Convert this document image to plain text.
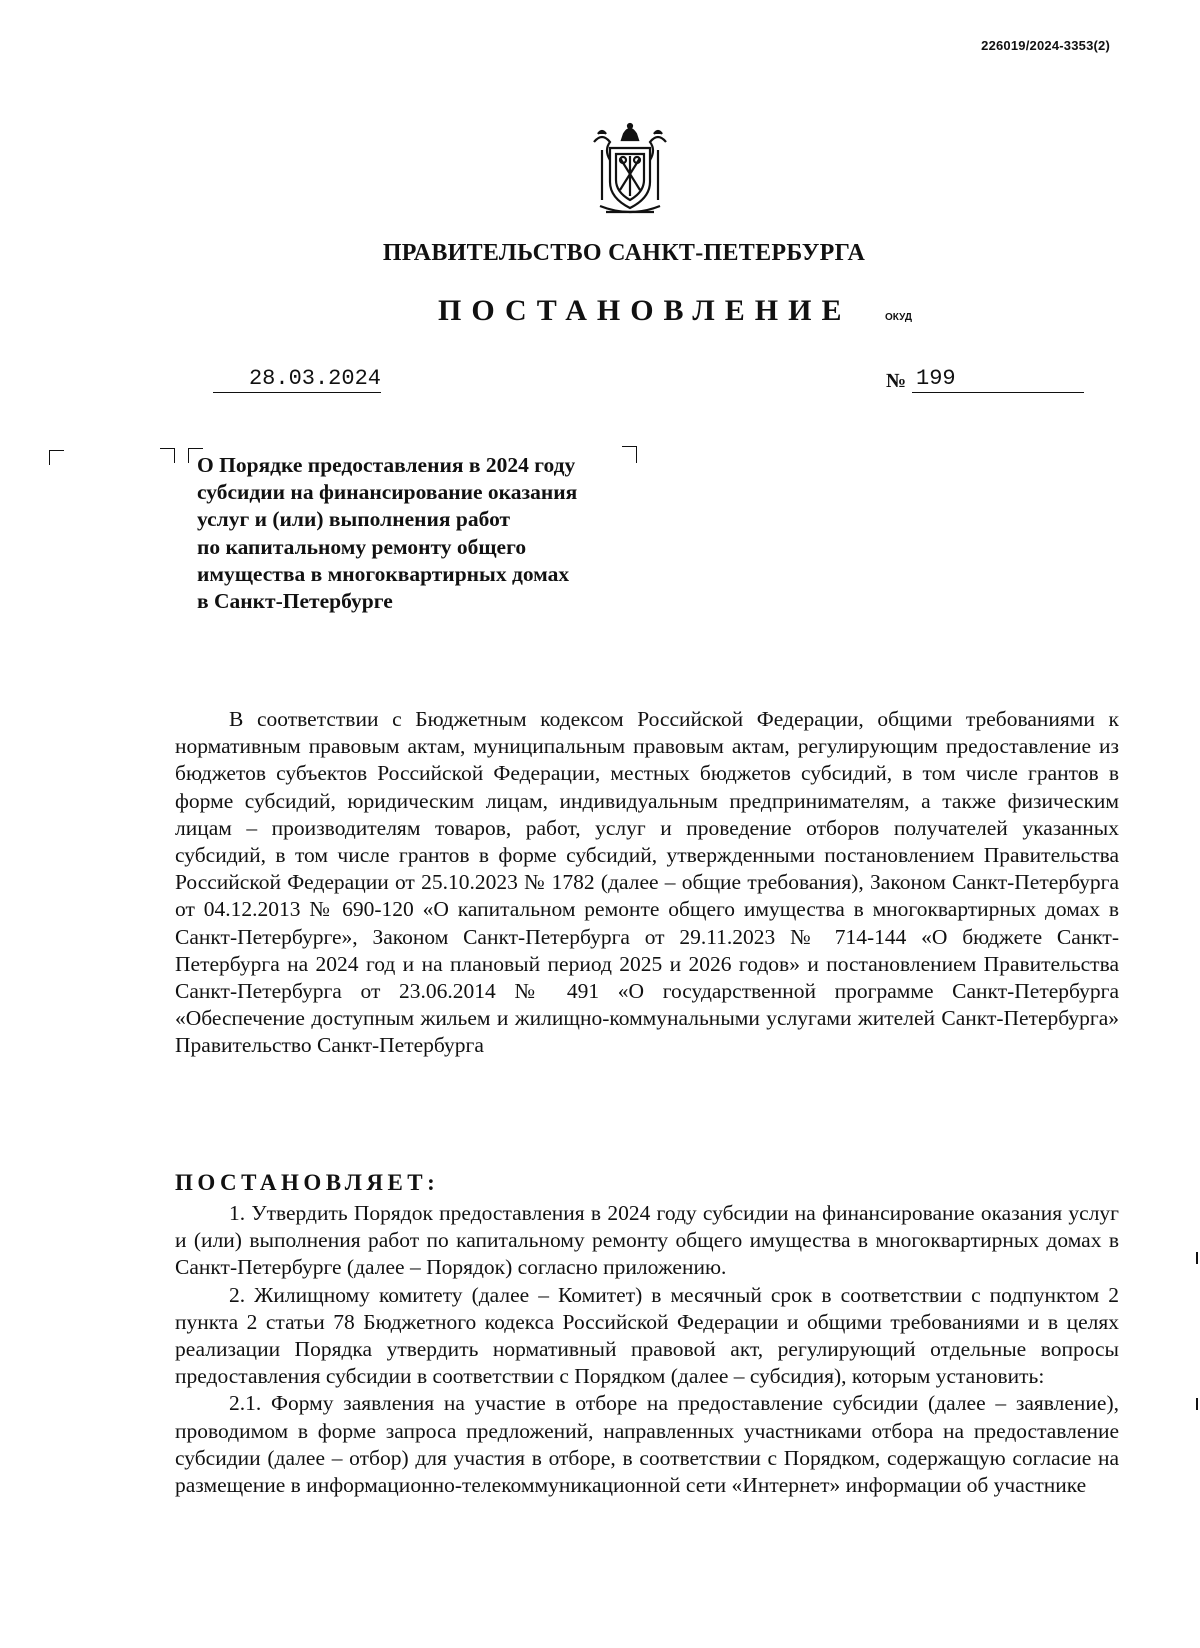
226019/2024-3353(2)
ПРАВИТЕЛЬСТВО САНКТ-ПЕТЕРБУРГА
ПОСТАНОВЛЕНИЕ	ОКУД
28.03.2024	№ 199
О Порядке предоставления в 2024 году
субсидии на финансирование оказания
услуг и (или) выполнения работ
по капитальному ремонту общего
имущества в многоквартирных домах
в Санкт-Петербурге

В соответствии с Бюджетным кодексом Российской Федерации, общими требованиями к нормативным правовым актам, муниципальным правовым актам, регулирующим предоставление из бюджетов субъектов Российской Федерации, местных бюджетов субсидий, в том числе грантов в форме субсидий, юридическим лицам, индивидуальным предпринимателям, а также физическим лицам – производителям товаров, работ, услуг и проведение отборов получателей указанных субсидий, в том числе грантов в форме субсидий, утвержденными постановлением Правительства Российской Федерации от 25.10.2023 № 1782 (далее – общие требования), Законом Санкт-Петербурга от 04.12.2013 № 690-120 «О капитальном ремонте общего имущества в многоквартирных домах в Санкт-Петербурге», Законом Санкт-Петербурга от 29.11.2023 № 714-144 «О бюджете Санкт-Петербурга на 2024 год и на плановый период 2025 и 2026 годов» и постановлением Правительства Санкт-Петербурга от 23.06.2014 № 491 «О государственной программе Санкт-Петербурга «Обеспечение доступным жильем и жилищно-коммунальными услугами жителей Санкт-Петербурга» Правительство Санкт-Петербурга

ПОСТАНОВЛЯЕТ:

1. Утвердить Порядок предоставления в 2024 году субсидии на финансирование оказания услуг и (или) выполнения работ по капитальному ремонту общего имущества в многоквартирных домах в Санкт-Петербурге (далее – Порядок) согласно приложению.

2. Жилищному комитету (далее – Комитет) в месячный срок в соответствии с подпунктом 2 пункта 2 статьи 78 Бюджетного кодекса Российской Федерации и общими требованиями и в целях реализации Порядка утвердить нормативный правовой акт, регулирующий отдельные вопросы предоставления субсидии в соответствии с Порядком (далее – субсидия), которым установить:

2.1. Форму заявления на участие в отборе на предоставление субсидии (далее – заявление), проводимом в форме запроса предложений, направленных участниками отбора на предоставление субсидии (далее – отбор) для участия в отборе, в соответствии с Порядком, содержащую согласие на размещение в информационно-телекоммуникационной сети «Интернет» информации об участнике
